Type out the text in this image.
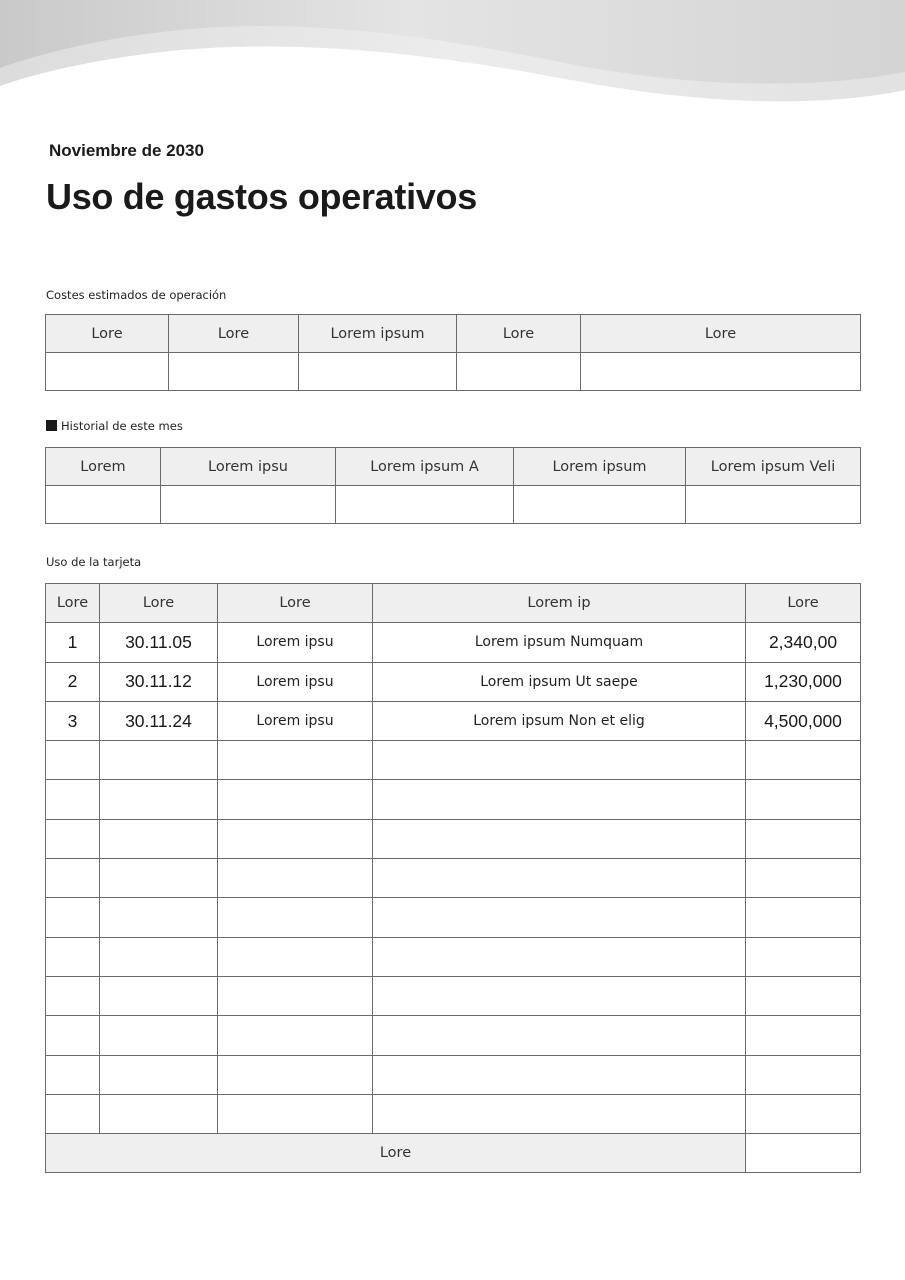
Noviembre de 2030
Uso de gastos operativos
Costes estimados de operación
Lore	Lore	Lorem ipsum	Lore	Lore

Historial de este mes
Lorem	Lorem ipsu	Lorem ipsum A	Lorem ipsum	Lorem ipsum Veli

Uso de la tarjeta
Lore	Lore	Lore	Lorem ip	Lore
1	30.11.05	Lorem ipsu	Lorem ipsum Numquam	2,340,00
2	30.11.12	Lorem ipsu	Lorem ipsum Ut saepe	1,230,000
3	30.11.24	Lorem ipsu	Lorem ipsum Non et elig	4,500,000

Lore				
